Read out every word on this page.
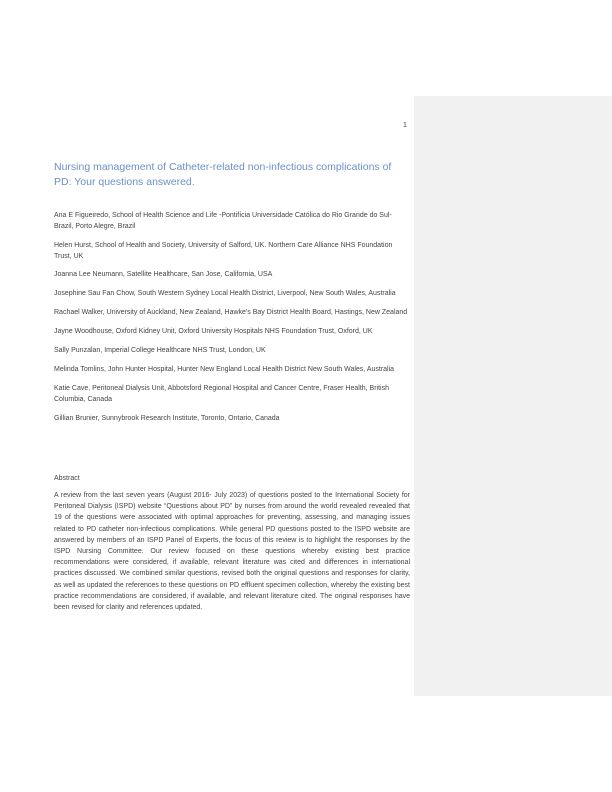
1
Nursing management of Catheter-related non-infectious complications of PD: Your questions answered.

Ana E Figueiredo, School of Health Science and Life -Pontifícia Universidade Católica do Rio Grande do Sul- Brazil, Porto Alegre, Brazil

Helen Hurst, School of Health and Society, University of Salford, UK. Northern Care Alliance NHS Foundation Trust, UK

Joanna Lee Neumann, Satellite Healthcare, San Jose, California, USA

Josephine Sau Fan Chow, South Western Sydney Local Health District, Liverpool, New South Wales, Australia

Rachael Walker, University of Auckland, New Zealand, Hawke's Bay District Health Board, Hastings, New Zealand

Jayne Woodhouse, Oxford Kidney Unit, Oxford University Hospitals NHS Foundation Trust, Oxford, UK

Sally Punzalan, Imperial College Healthcare NHS Trust, London, UK

Melinda Tomlins, John Hunter Hospital, Hunter New England Local Health District New South Wales, Australia

Katie Cave, Peritoneal Dialysis Unit, Abbotsford Regional Hospital and Cancer Centre, Fraser Health, British Columbia, Canada

Gillian Brunier, Sunnybrook Research Institute, Toronto, Ontario, Canada

Abstract

A review from the last seven years (August 2016- July 2023) of questions posted to the International Society for Peritoneal Dialysis (ISPD) website “Questions about PD” by nurses from around the world revealed revealed that 19 of the questions were associated with optimal approaches for preventing, assessing, and managing issues related to PD catheter non-infectious complications. While general PD questions posted to the ISPD website are answered by members of an ISPD Panel of Experts, the focus of this review is to highlight the responses by the ISPD Nursing Committee. Our review focused on these questions whereby existing best practice recommendations were considered, if available, relevant literature was cited and differences in international practices discussed. We combined similar questions, revised both the original questions and responses for clarity, as well as updated the references to these questions on PD effluent specimen collection, whereby the existing best practice recommendations are considered, if available, and relevant literature cited. The original responses have been revised for clarity and references updated.
